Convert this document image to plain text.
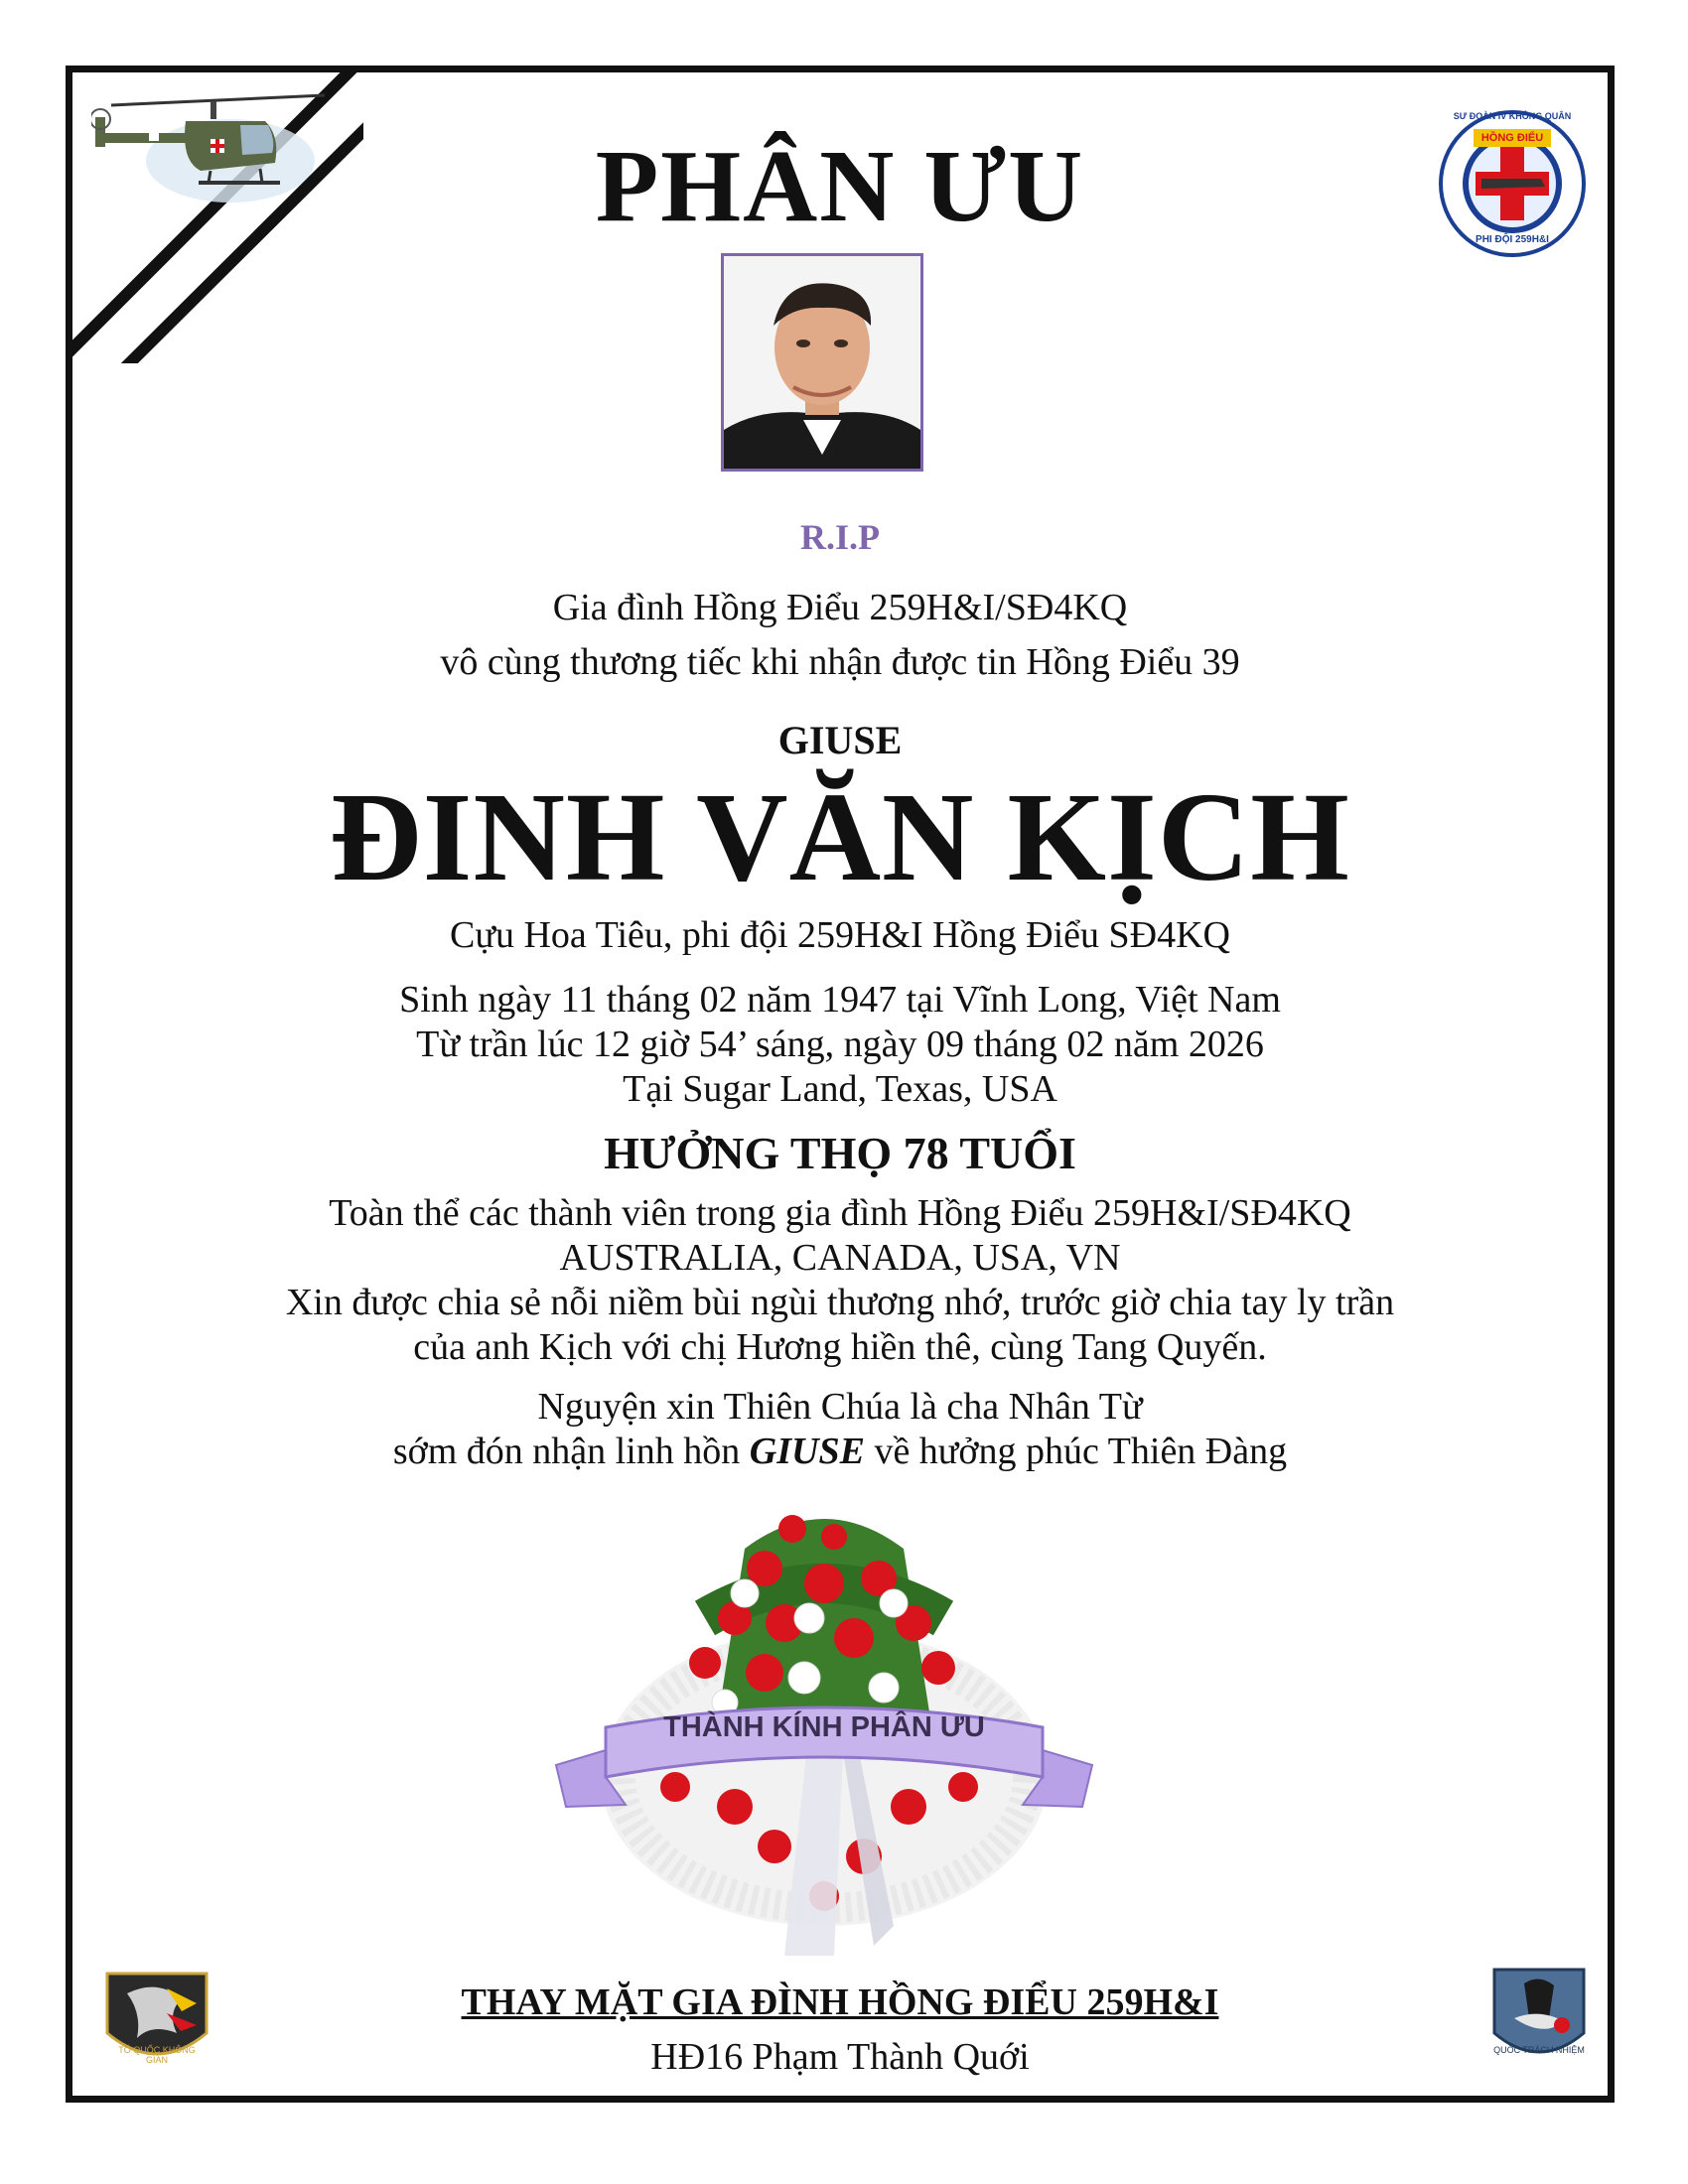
HỒNG ĐIỂU
SƯ ĐOÀN IV KHÔNG QUÂN
PHI ĐỘI 259H&I
PHÂN ƯU
R.I.P
Gia đình Hồng Điểu 259H&I/SĐ4KQ
vô cùng thương tiếc khi nhận được tin Hồng Điểu 39
GIUSE
ĐINH VĂN KỊCH
Cựu Hoa Tiêu, phi đội 259H&I Hồng Điểu SĐ4KQ
Sinh ngày 11 tháng 02 năm 1947 tại Vĩnh Long, Việt Nam
Từ trần lúc 12 giờ 54’ sáng, ngày 09 tháng 02 năm 2026
Tại Sugar Land, Texas, USA
HƯỞNG THỌ 78 TUỔI
Toàn thể các thành viên trong gia đình Hồng Điểu 259H&I/SĐ4KQ
AUSTRALIA, CANADA, USA, VN
Xin được chia sẻ nỗi niềm bùi ngùi thương nhớ, trước giờ chia tay ly trần
của anh Kịch với chị Hương hiền thê, cùng Tang Quyến.
Nguyện xin Thiên Chúa là cha Nhân Từ
sớm đón nhận linh hồn GIUSE về hưởng phúc Thiên Đàng
THÀNH KÍNH PHÂN ƯU
TỔ QUỐC KHÔNG GIAN
QUỐC TRÁCH NHIỆM
THAY MẶT GIA ĐÌNH HỒNG ĐIỂU 259H&I
HĐ16 Phạm Thành Quới
